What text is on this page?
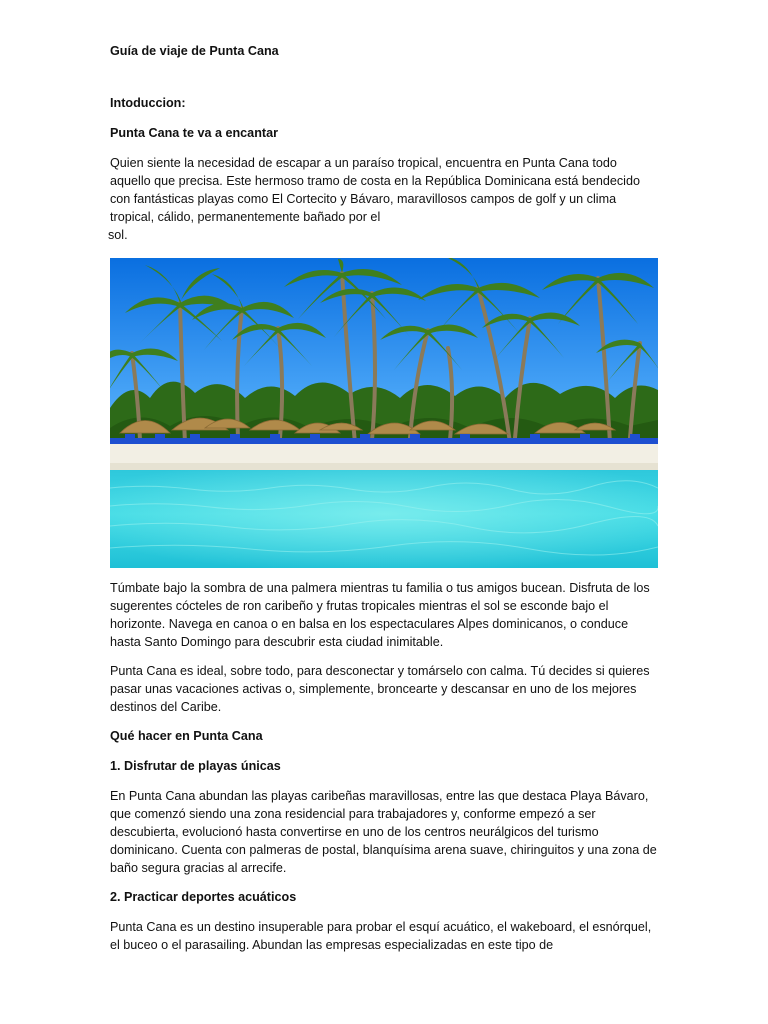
Guía de viaje de Punta Cana

Intoduccion:

Punta Cana te va a encantar

Quien siente la necesidad de escapar a un paraíso tropical, encuentra en Punta Cana todo aquello que precisa. Este hermoso tramo de costa en la República Dominicana está bendecido con fantásticas playas como El Cortecito y Bávaro, maravillosos campos de golf y un clima tropical, cálido, permanentemente bañado por el
sol.

Túmbate bajo la sombra de una palmera mientras tu familia o tus amigos bucean. Disfruta de los sugerentes cócteles de ron caribeño y frutas tropicales mientras el sol se esconde bajo el horizonte. Navega en canoa o en balsa en los espectaculares Alpes dominicanos, o conduce hasta Santo Domingo para descubrir esta ciudad inimitable.

Punta Cana es ideal, sobre todo, para desconectar y tomárselo con calma. Tú decides si quieres pasar unas vacaciones activas o, simplemente, broncearte y descansar en uno de los mejores destinos del Caribe.

Qué hacer en Punta Cana

1. Disfrutar de playas únicas

En Punta Cana abundan las playas caribeñas maravillosas, entre las que destaca Playa Bávaro, que comenzó siendo una zona residencial para trabajadores y, conforme empezó a ser descubierta, evolucionó hasta convertirse en uno de los centros neurálgicos del turismo dominicano. Cuenta con palmeras de postal, blanquísima arena suave, chiringuitos y una zona de baño segura gracias al arrecife.

2. Practicar deportes acuáticos

Punta Cana es un destino insuperable para probar el esquí acuático, el wakeboard, el esnórquel, el buceo o el parasailing. Abundan las empresas especializadas en este tipo de
